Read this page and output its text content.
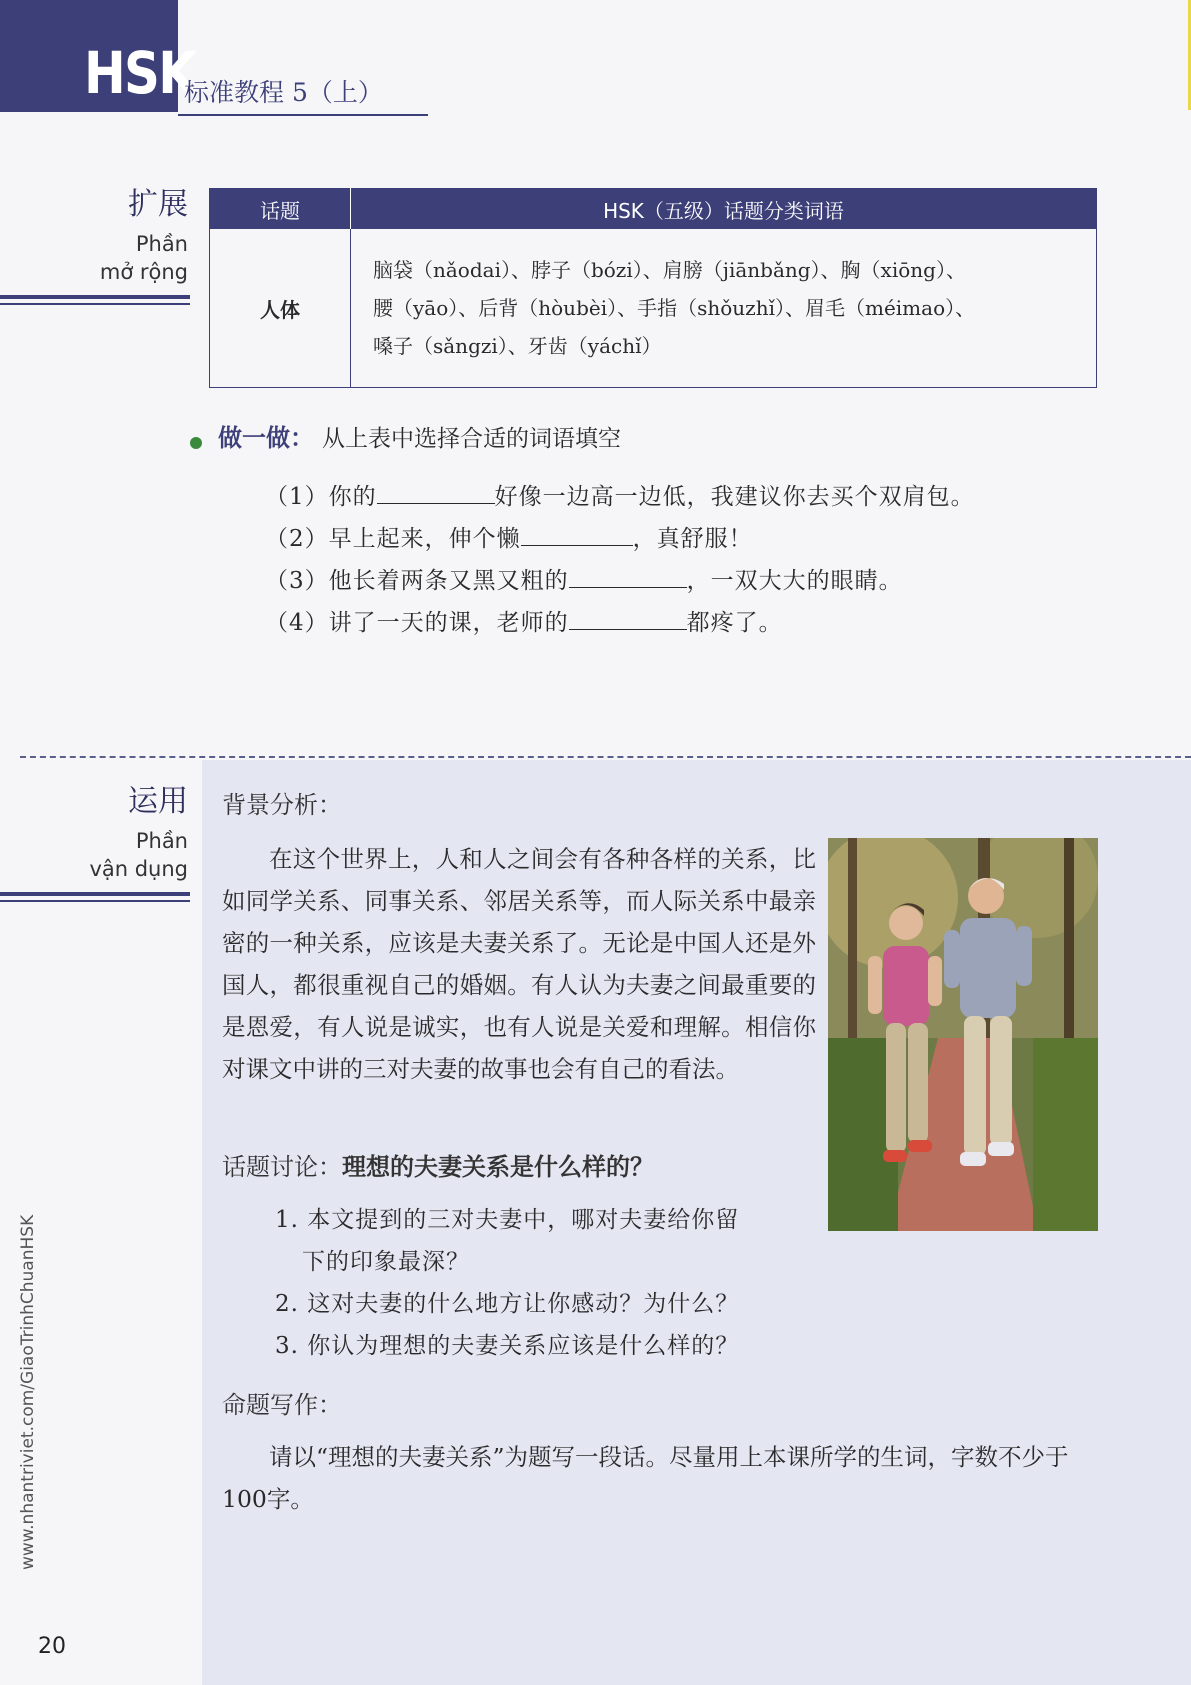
HSK
标准教程 5（上）
扩展
Phần
mở rộng
话题	HSK（五级）话题分类词语
人体	脑袋（nǎodai）、脖子（bózi）、肩膀（jiānbǎng）、胸（xiōng）、
腰（yāo）、后背（hòubèi）、手指（shǒuzhǐ）、眉毛（méimao）、
嗓子（sǎngzi）、牙齿（yáchǐ）
做一做： 从上表中选择合适的词语填空
（1）你的	好像一边高一边低，我建议你去买个双肩包。
（2）早上起来，伸个懒	，真舒服！
（3）他长着两条又黑又粗的	，一双大大的眼睛。
（4）讲了一天的课，老师的	都疼了。
运用
Phần
vận dụng
背景分析：
在这个世界上，人和人之间会有各种各样的关系，比如同学关系、同事关系、邻居关系等，而人际关系中最亲密的一种关系，应该是夫妻关系了。无论是中国人还是外国人，都很重视自己的婚姻。有人认为夫妻之间最重要的是恩爱，有人说是诚实，也有人说是关爱和理解。相信你对课文中讲的三对夫妻的故事也会有自己的看法。
话题讨论：理想的夫妻关系是什么样的？
1. 本文提到的三对夫妻中，哪对夫妻给你留
下的印象最深？
2. 这对夫妻的什么地方让你感动？为什么？
3. 你认为理想的夫妻关系应该是什么样的？
命题写作：
请以“理想的夫妻关系”为题写一段话。尽量用上本课所学的生词，字数不少于100字。
www.nhantriviet.com/GiaoTrinhChuanHSK
20
